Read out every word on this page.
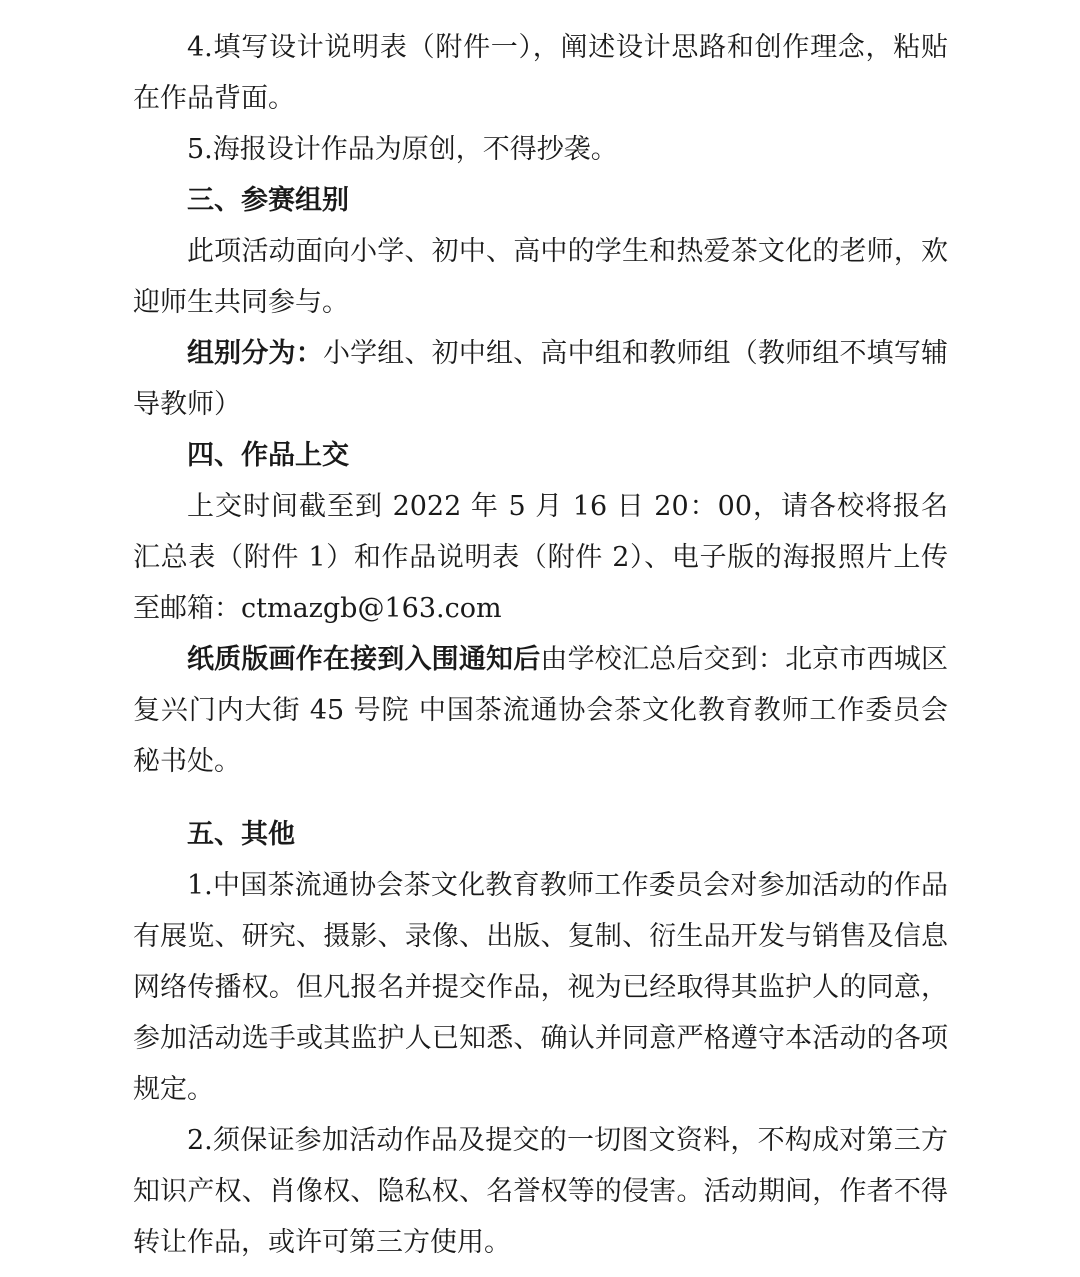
4.填写设计说明表（附件一），阐述设计思路和创作理念，粘贴在作品背面。

5.海报设计作品为原创，不得抄袭。

三、参赛组别

此项活动面向小学、初中、高中的学生和热爱茶文化的老师，欢迎师生共同参与。

组别分为：小学组、初中组、高中组和教师组（教师组不填写辅导教师）

四、作品上交

上交时间截至到 2022 年 5 月 16 日 20：00，请各校将报名汇总表（附件 1）和作品说明表（附件 2）、电子版的海报照片上传至邮箱：ctmazgb@163.com

纸质版画作在接到入围通知后由学校汇总后交到：北京市西城区复兴门内大街 45 号院 中国茶流通协会茶文化教育教师工作委员会秘书处。

五、其他

1.中国茶流通协会茶文化教育教师工作委员会对参加活动的作品有展览、研究、摄影、录像、出版、复制、衍生品开发与销售及信息网络传播权。但凡报名并提交作品，视为已经取得其监护人的同意，参加活动选手或其监护人已知悉、确认并同意严格遵守本活动的各项规定。

2.须保证参加活动作品及提交的一切图文资料，不构成对第三方知识产权、肖像权、隐私权、名誉权等的侵害。活动期间，作者不得转让作品，或许可第三方使用。
